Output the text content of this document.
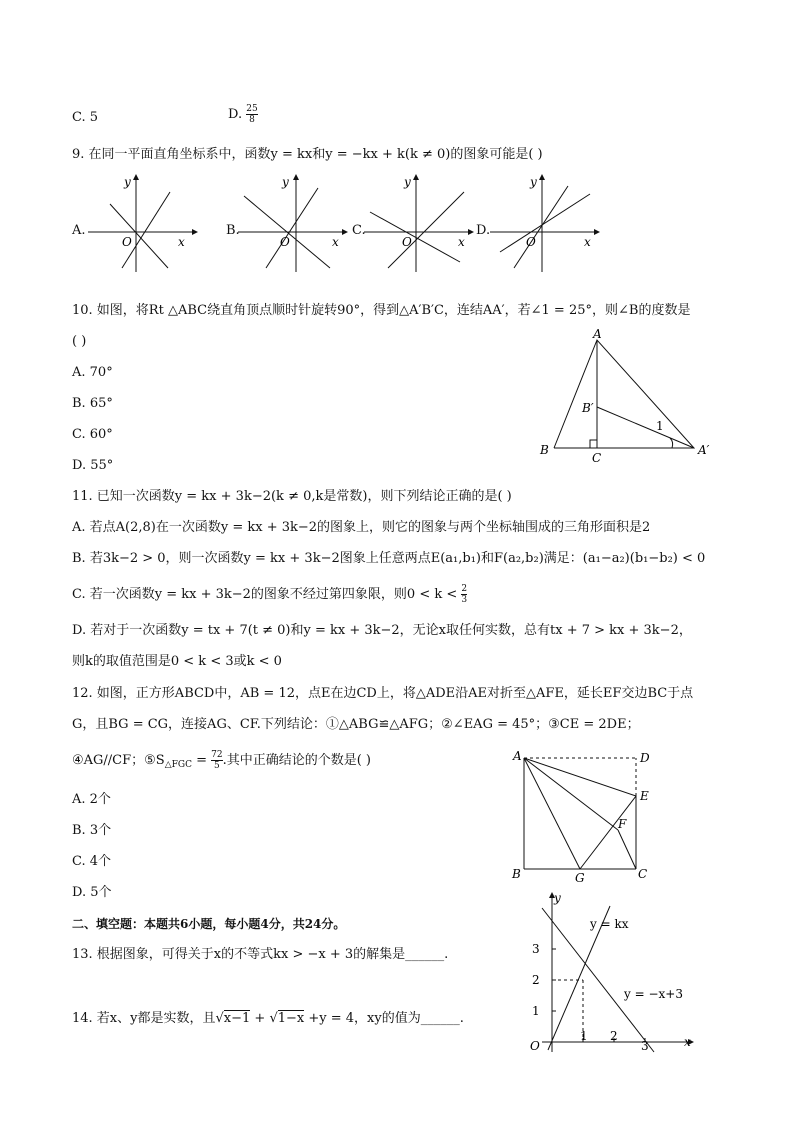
C. 5	D. $\frac{25}{8}$
9. 在同一平面直角坐标系中，函数y = kx和y = −kx + k(k ≠ 0)的图象可能是( )
A.	B.	C.	D.
y
x
O
y
x
O
y
x
O
y
x
O
10. 如图，将Rt △ABC绕直角顶点顺时针旋转90°，得到△A′B′C，连结AA′，若∠1 = 25°，则∠B的度数是
( )
A. 70°
B. 65°
C. 60°
D. 55°
A
B
C
B′
A′
1
11. 已知一次函数y = kx + 3k−2(k ≠ 0,k是常数)，则下列结论正确的是( )
A. 若点A(2,8)在一次函数y = kx + 3k−2的图象上，则它的图象与两个坐标轴围成的三角形面积是2
B. 若3k−2 > 0，则一次函数y = kx + 3k−2图象上任意两点E(a₁,b₁)和F(a₂,b₂)满足：(a₁−a₂)(b₁−b₂) < 0
C. 若一次函数y = kx + 3k−2的图象不经过第四象限，则$0 < k < \frac{2}{3}$
D. 若对于一次函数y = tx + 7(t ≠ 0)和y = kx + 3k−2，无论x取任何实数，总有tx + 7 > kx + 3k−2，
则k的取值范围是0 < k < 3或k < 0
12. 如图，正方形ABCD中，AB = 12，点E在边CD上，将△ADE沿AE对折至△AFE，延长EF交边BC于点
G，且BG = CG，连接AG、CF.下列结论：①△ABG≌△AFG；②∠EAG = 45°；③CE = 2DE；
④AG//CF；$⑤S_{\triangle FGC} = \frac{72}{5}$ .其中正确结论的个数是( )
A. 2个
B. 3个
C. 4个
D. 5个
A	D
E
F
B	G	C
二、填空题：本题共6小题，每小题4分，共24分。
13. 根据图象，可得关于x的不等式kx > −x + 3的解集是______.
14. 若x、y都是实数，且√x−1 + √1−x +y = 4，xy的值为______.
y
x
O
1 2
3
1
2
3
y = kx
y = −x+3
